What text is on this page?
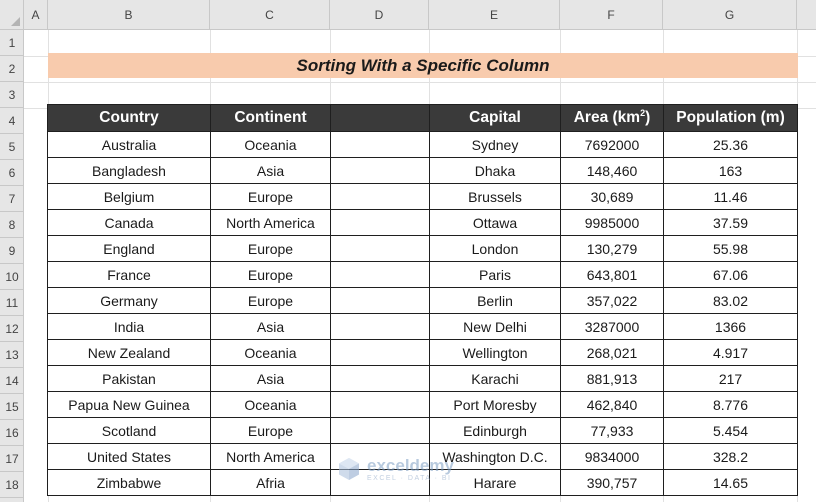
A	B	C	D	E	F	G
1
2
3
4
5
6
7
8
9
10
11
12
13
14
15
16
17
18
Sorting With a Specific Column
Country	Continent		Capital	Area $(km^2)$	Population (m)
Australia	Oceania		Sydney	7692000	25.36
Bangladesh	Asia		Dhaka	148,460	163
Belgium	Europe		Brussels	30,689	11.46
Canada	North America		Ottawa	9985000	37.59
England	Europe		London	130,279	55.98
France	Europe		Paris	643,801	67.06
Germany	Europe		Berlin	357,022	83.02
India	Asia		New Delhi	3287000	1366
New Zealand	Oceania		Wellington	268,021	4.917
Pakistan	Asia		Karachi	881,913	217
Papua New Guinea	Oceania		Port Moresby	462,840	8.776
Scotland	Europe		Edinburgh	77,933	5.454
United States	North America		Washington D.C.	9834000	328.2
Zimbabwe	Afria		Harare	390,757	14.65
exceldemy
EXCEL · DATA · BI
